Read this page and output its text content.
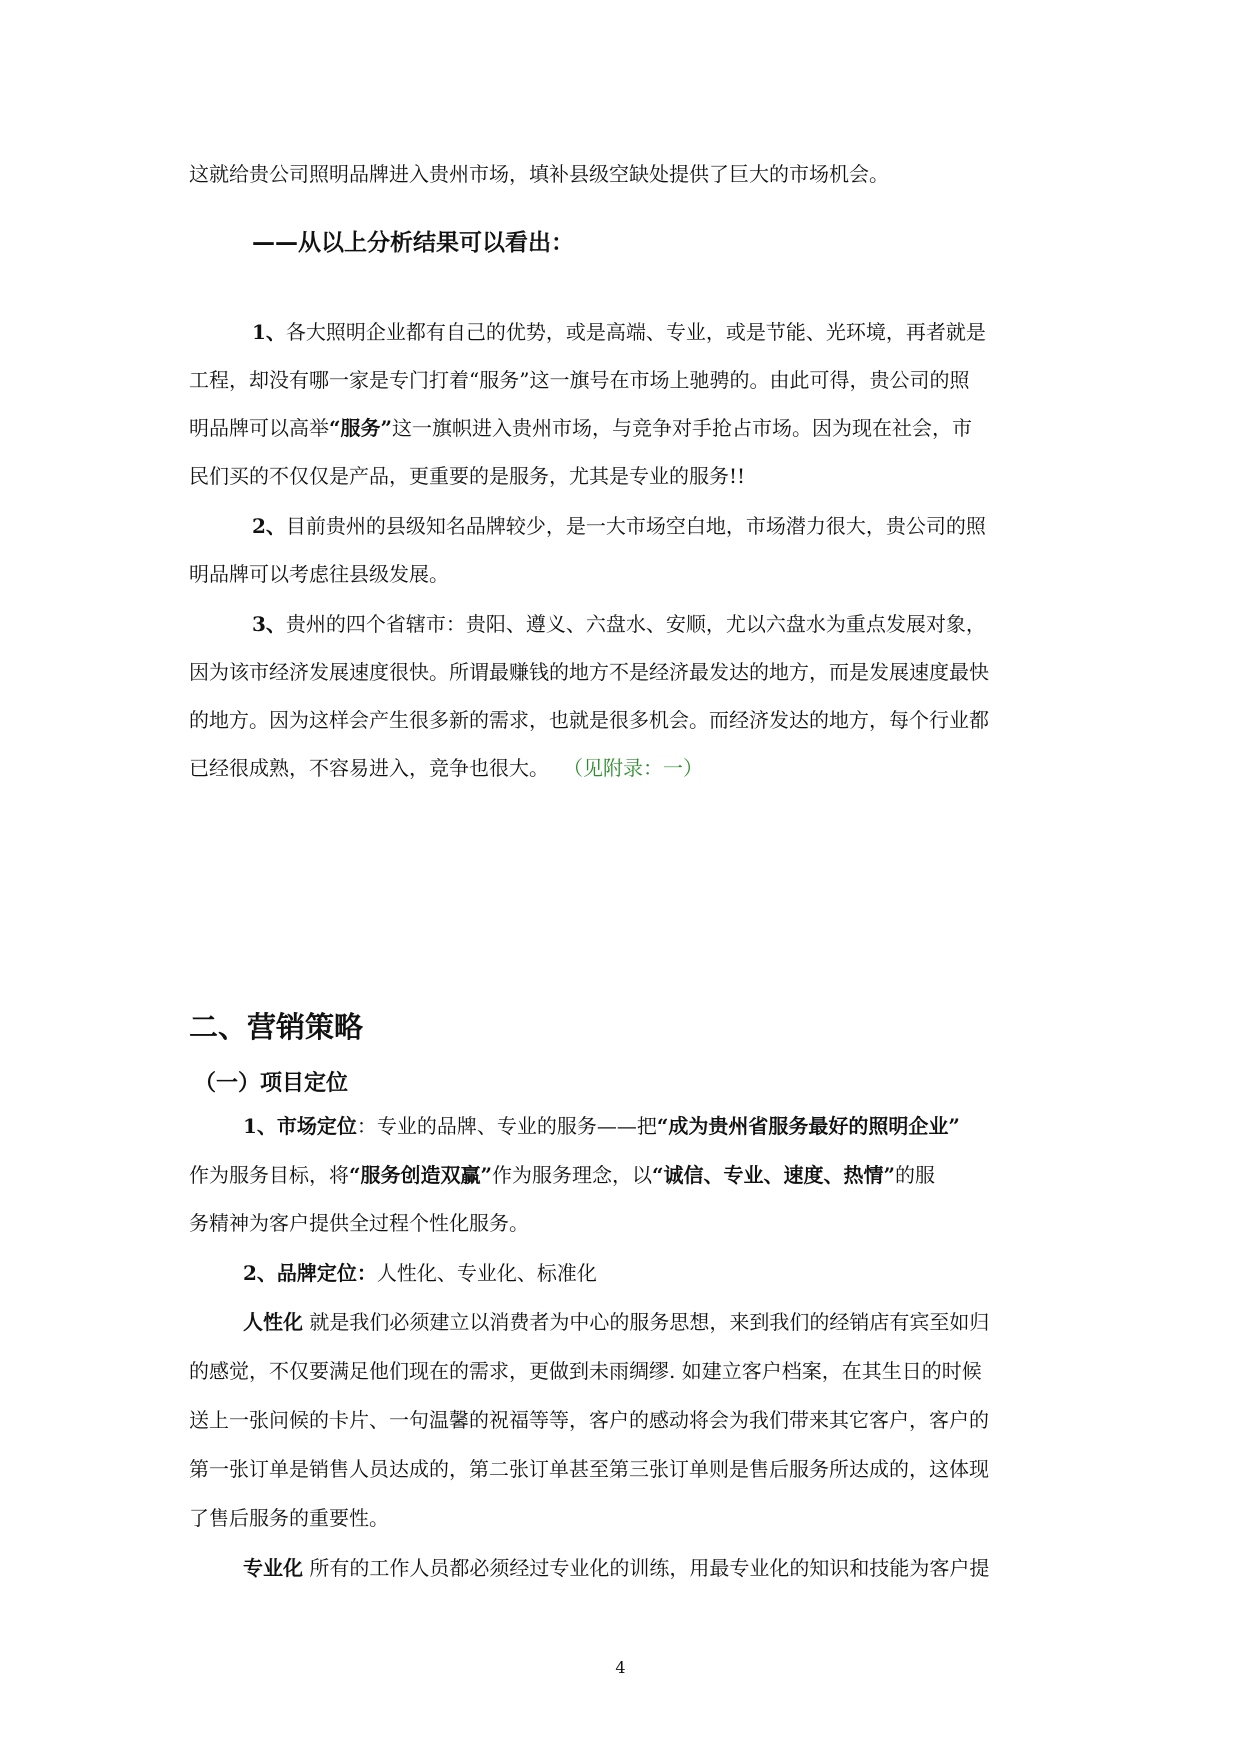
这就给贵公司照明品牌进入贵州市场，填补县级空缺处提供了巨大的市场机会。
——从以上分析结果可以看出：
1、各大照明企业都有自己的优势，或是高端、专业，或是节能、光环境，再者就是
工程，却没有哪一家是专门打着“服务”这一旗号在市场上驰骋的。由此可得，贵公司的照
明品牌可以高举“服务”这一旗帜进入贵州市场，与竞争对手抢占市场。因为现在社会，市
民们买的不仅仅是产品，更重要的是服务，尤其是专业的服务!!
2、目前贵州的县级知名品牌较少，是一大市场空白地，市场潜力很大，贵公司的照
明品牌可以考虑往县级发展。
3、贵州的四个省辖市：贵阳、遵义、六盘水、安顺，尤以六盘水为重点发展对象，
因为该市经济发展速度很快。所谓最赚钱的地方不是经济最发达的地方，而是发展速度最快
的地方。因为这样会产生很多新的需求，也就是很多机会。而经济发达的地方，每个行业都
已经很成熟，不容易进入，竞争也很大。 （见附录：一）
二、营销策略
（一）项目定位
1、市场定位：专业的品牌、专业的服务——把“成为贵州省服务最好的照明企业”
作为服务目标，将“服务创造双赢”作为服务理念，以“诚信、专业、速度、热情”的服
务精神为客户提供全过程个性化服务。
2、品牌定位：人性化、专业化、标准化
人性化 就是我们必须建立以消费者为中心的服务思想，来到我们的经销店有宾至如归
的感觉，不仅要满足他们现在的需求，更做到未雨绸缪. 如建立客户档案，在其生日的时候
送上一张问候的卡片、一句温馨的祝福等等，客户的感动将会为我们带来其它客户，客户的
第一张订单是销售人员达成的，第二张订单甚至第三张订单则是售后服务所达成的，这体现
了售后服务的重要性。
专业化 所有的工作人员都必须经过专业化的训练，用最专业化的知识和技能为客户提
4
